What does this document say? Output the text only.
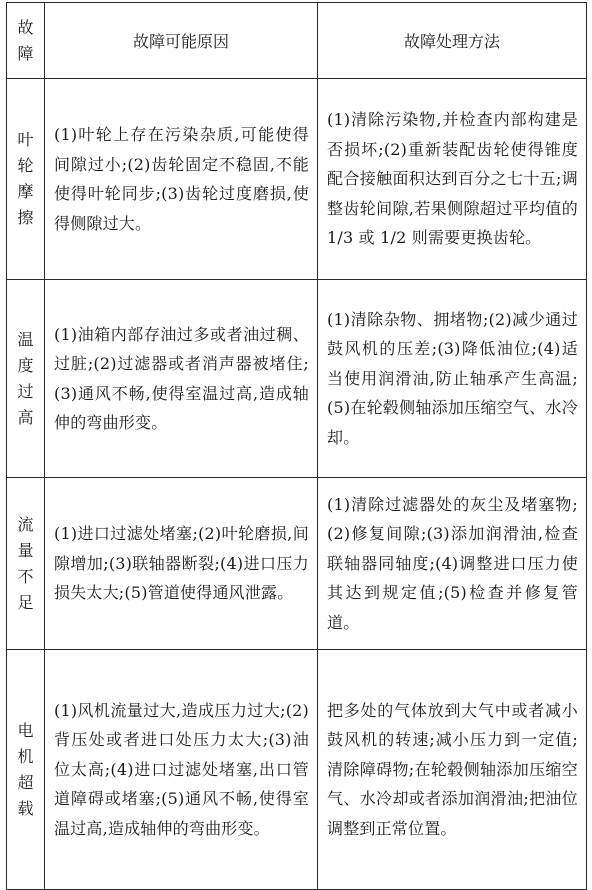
故
障	故障可能原因	故障处理方法

叶
轮
摩
擦	(1)叶轮上存在污染杂质,可能使得间隙过小;(2)齿轮固定不稳固,不能使得叶轮同步;(3)齿轮过度磨损,使得侧隙过大。	(1)清除污染物,并检查内部构建是否损坏;(2)重新装配齿轮使得锥度配合接触面积达到百分之七十五;调整齿轮间隙,若果侧隙超过平均值的 1/3 或 1/2 则需要更换齿轮。

温
度
过
高	(1)油箱内部存油过多或者油过稠、过脏;(2)过滤器或者消声器被堵住;(3)通风不畅,使得室温过高,造成轴伸的弯曲形变。	(1)清除杂物、拥堵物;(2)减少通过鼓风机的压差;(3)降低油位;(4)适当使用润滑油,防止轴承产生高温;(5)在轮毂侧轴添加压缩空气、水冷却。

流
量
不
足	(1)进口过滤处堵塞;(2)叶轮磨损,间隙增加;(3)联轴器断裂;(4)进口压力损失太大;(5)管道使得通风泄露。	(1)清除过滤器处的灰尘及堵塞物;(2)修复间隙;(3)添加润滑油,检查联轴器同轴度;(4)调整进口压力使其达到规定值;(5)检查并修复管道。

电
机
超
载	(1)风机流量过大,造成压力过大;(2)背压处或者进口处压力太大;(3)油位太高;(4)进口过滤处堵塞,出口管道障碍或堵塞;(5)通风不畅,使得室温过高,造成轴伸的弯曲形变。	把多处的气体放到大气中或者减小鼓风机的转速;减小压力到一定值;清除障碍物;在轮毂侧轴添加压缩空气、水冷却或者添加润滑油;把油位调整到正常位置。
